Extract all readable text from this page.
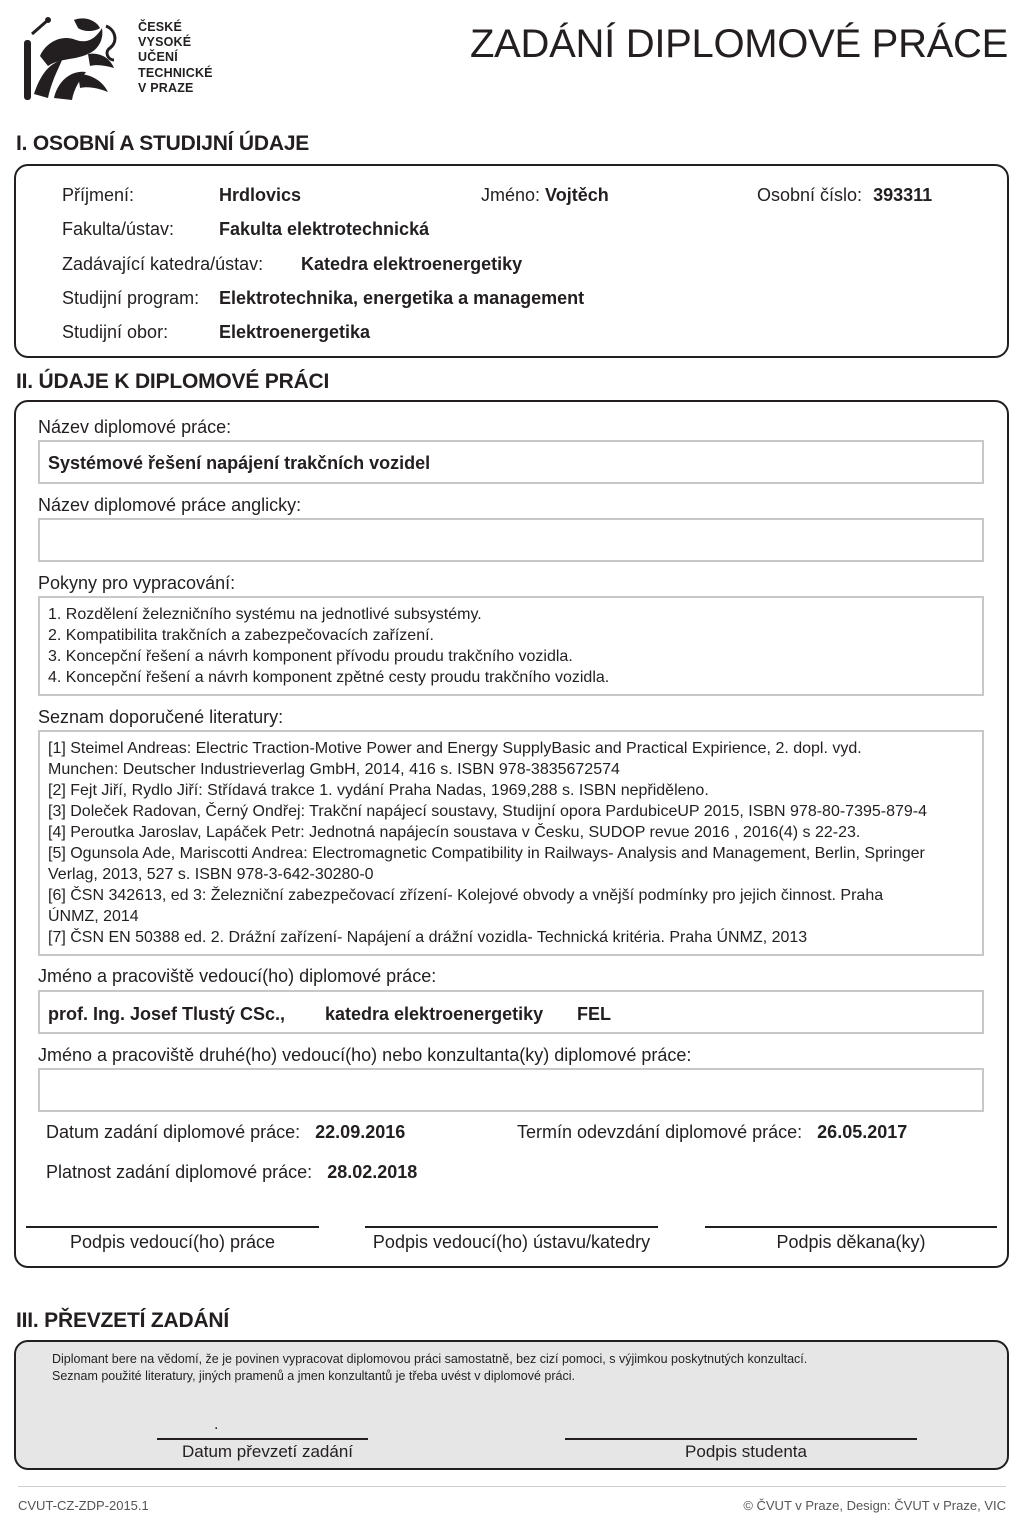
ČESKÉ
VYSOKÉ
UČENÍ
TECHNICKÉ
V PRAZE
ZADÁNÍ DIPLOMOVÉ PRÁCE
I. OSOBNÍ A STUDIJNÍ ÚDAJE
Příjmení:	Hrdlovics	Jméno: Vojtěch	Osobní číslo: 393311
Fakulta/ústav: Fakulta elektrotechnická
Zadávající katedra/ústav: Katedra elektroenergetiky
Studijní program: Elektrotechnika, energetika a management
Studijní obor:	Elektroenergetika
II. ÚDAJE K DIPLOMOVÉ PRÁCI
Název diplomové práce:
Systémové řešení napájení trakčních vozidel
Název diplomové práce anglicky:
Pokyny pro vypracování:
1. Rozdělení železničního systému na jednotlivé subsystémy.
2. Kompatibilita trakčních a zabezpečovacích zařízení.
3. Koncepční řešení a návrh komponent přívodu proudu trakčního vozidla.
4. Koncepční řešení a návrh komponent zpětné cesty proudu trakčního vozidla.
Seznam doporučené literatury:
[1] Steimel Andreas: Electric Traction-Motive Power and Energy SupplyBasic and Practical Expirience, 2. dopl. vyd.
Munchen: Deutscher Industrieverlag GmbH, 2014, 416 s. ISBN 978-3835672574
[2] Fejt Jiří, Rydlo Jiří: Střídavá trakce 1. vydání Praha Nadas, 1969,288 s. ISBN nepřiděleno.
[3] Doleček Radovan, Černý Ondřej: Trakční napájecí soustavy, Studijní opora PardubiceUP 2015, ISBN 978-80-7395-879-4
[4] Peroutka Jaroslav, Lapáček Petr: Jednotná napájecín soustava v Česku, SUDOP revue 2016 , 2016(4) s 22-23.
[5] Ogunsola Ade, Mariscotti Andrea: Electromagnetic Compatibility in Railways- Analysis and Management, Berlin, Springer
Verlag, 2013, 527 s. ISBN 978-3-642-30280-0
[6] ČSN 342613, ed 3: Železniční zabezpečovací zřízení- Kolejové obvody a vnější podmínky pro jejich činnost. Praha
ÚNMZ, 2014
[7] ČSN EN 50388 ed. 2. Drážní zařízení- Napájení a drážní vozidla- Technická kritéria. Praha ÚNMZ, 2013
Jméno a pracoviště vedoucí(ho) diplomové práce:
prof. Ing. Josef Tlustý CSc., katedra elektroenergetiky FEL
Jméno a pracoviště druhé(ho) vedoucí(ho) nebo konzultanta(ky) diplomové práce:
Datum zadání diplomové práce: 22.09.2016	Termín odevzdání diplomové práce: 26.05.2017
Platnost zadání diplomové práce: 28.02.2018
Podpis vedoucí(ho) práce	Podpis vedoucí(ho) ústavu/katedry	Podpis děkana(ky)
III. PŘEVZETÍ ZADÁNÍ
Diplomant bere na vědomí, že je povinen vypracovat diplomovou práci samostatně, bez cizí pomoci, s výjimkou poskytnutých konzultací.
Seznam použité literatury, jiných pramenů a jmen konzultantů je třeba uvést v diplomové práci.
.
Datum převzetí zadání	Podpis studenta
CVUT-CZ-ZDP-2015.1	© ČVUT v Praze, Design: ČVUT v Praze, VIC
